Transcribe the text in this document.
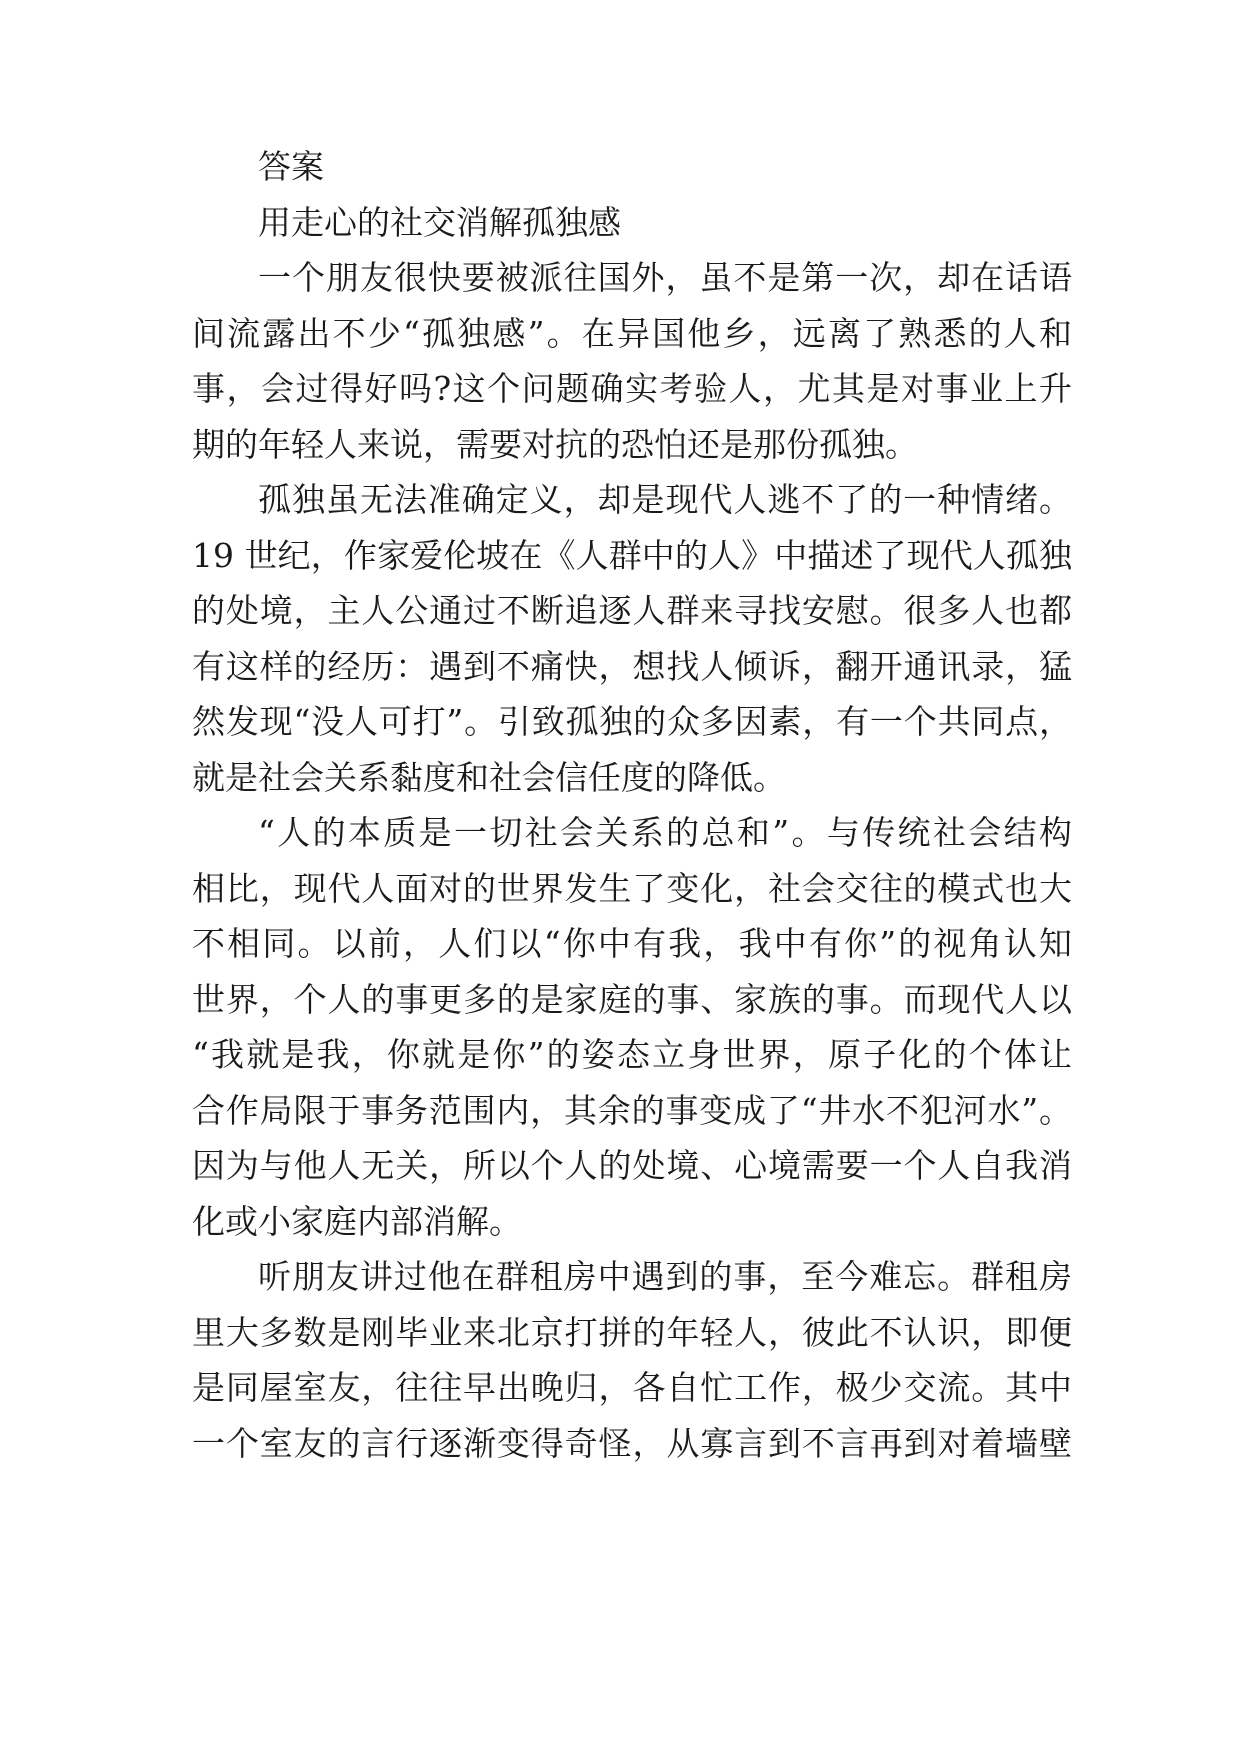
答案
用走心的社交消解孤独感
一个朋友很快要被派往国外，虽不是第一次，却在话语
间流露出不少“孤独感”。在异国他乡，远离了熟悉的人和
事，会过得好吗?这个问题确实考验人，尤其是对事业上升
期的年轻人来说，需要对抗的恐怕还是那份孤独。
孤独虽无法准确定义，却是现代人逃不了的一种情绪。
19 世纪，作家爱伦坡在《人群中的人》中描述了现代人孤独
的处境，主人公通过不断追逐人群来寻找安慰。很多人也都
有这样的经历：遇到不痛快，想找人倾诉，翻开通讯录，猛
然发现“没人可打”。引致孤独的众多因素，有一个共同点，
就是社会关系黏度和社会信任度的降低。
“人的本质是一切社会关系的总和”。与传统社会结构
相比，现代人面对的世界发生了变化，社会交往的模式也大
不相同。以前，人们以“你中有我，我中有你”的视角认知
世界，个人的事更多的是家庭的事、家族的事。而现代人以
“我就是我，你就是你”的姿态立身世界，原子化的个体让
合作局限于事务范围内，其余的事变成了“井水不犯河水”。
因为与他人无关，所以个人的处境、心境需要一个人自我消
化或小家庭内部消解。
听朋友讲过他在群租房中遇到的事，至今难忘。群租房
里大多数是刚毕业来北京打拼的年轻人，彼此不认识，即便
是同屋室友，往往早出晚归，各自忙工作，极少交流。其中
一个室友的言行逐渐变得奇怪，从寡言到不言再到对着墙壁
